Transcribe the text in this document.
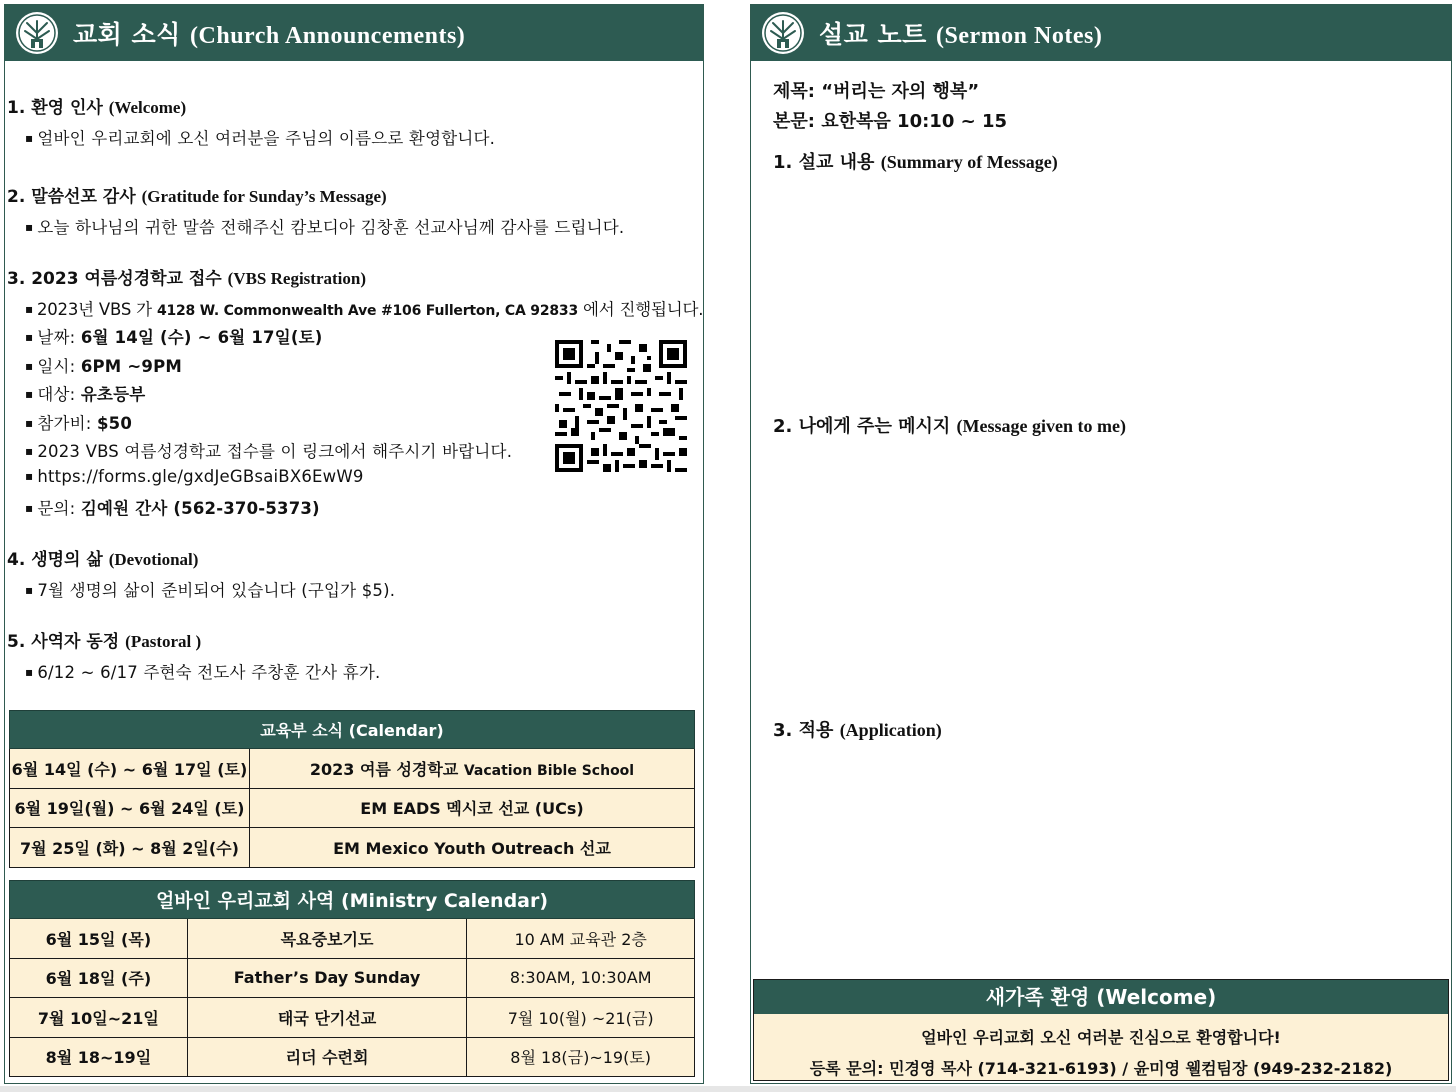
교회 소식 (Church Announcements)
1. 환영 인사 (Welcome)
▪ 얼바인 우리교회에 오신 여러분을 주님의 이름으로 환영합니다.
2. 말씀선포 감사 (Gratitude for Sunday’s Message)
▪ 오늘 하나님의 귀한 말씀 전해주신 캄보디아 김창훈 선교사님께 감사를 드립니다.
3. 2023 여름성경학교 접수 (VBS Registration)
▪ 2023년 VBS 가 4128 W. Commonwealth Ave #106 Fullerton, CA 92833 에서 진행됩니다.
▪ 날짜: 6월 14일 (수) ~ 6월 17일(토)
▪ 일시: 6PM ~9PM
▪ 대상: 유초등부
▪ 참가비: $50
▪ 2023 VBS 여름성경학교 접수를 이 링크에서 해주시기 바랍니다.
▪ https://forms.gle/gxdJeGBsaiBX6EwW9
▪ 문의: 김예원 간사 (562-370-5373)
4. 생명의 삶 (Devotional)
▪ 7월 생명의 삶이 준비되어 있습니다 (구입가 $5).
5. 사역자 동정 (Pastoral )
▪ 6/12 ~ 6/17 주현숙 전도사 주창훈 간사 휴가.
교육부 소식 (Calendar)	
6월 14일 (수) ~ 6월 17일 (토)	2023 여름 성경학교 Vacation Bible School
6월 19일(월) ~ 6월 24일 (토)	EM EADS 멕시코 선교 (UCs)
7월 25일 (화) ~ 8월 2일(수)	EM Mexico Youth Outreach 선교
얼바인 우리교회 사역 (Ministry Calendar)		
6월 15일 (목)	목요중보기도	10 AM 교육관 2층
6월 18일 (주)	Father’s Day Sunday	8:30AM, 10:30AM
7월 10일~21일	태국 단기선교	7월 10(월) ~21(금)
8월 18~19일	리더 수련회	8월 18(금)~19(토)
설교 노트 (Sermon Notes)
제목: “버리는 자의 행복”
본문: 요한복음 10:10 ~ 15
1. 설교 내용 (Summary of Message)
2. 나에게 주는 메시지 (Message given to me)
3. 적용 (Application)
새가족 환영 (Welcome)
얼바인 우리교회 오신 여러분 진심으로 환영합니다!
등록 문의: 민경영 목사 (714-321-6193) / 윤미영 웰컴팀장 (949-232-2182)
